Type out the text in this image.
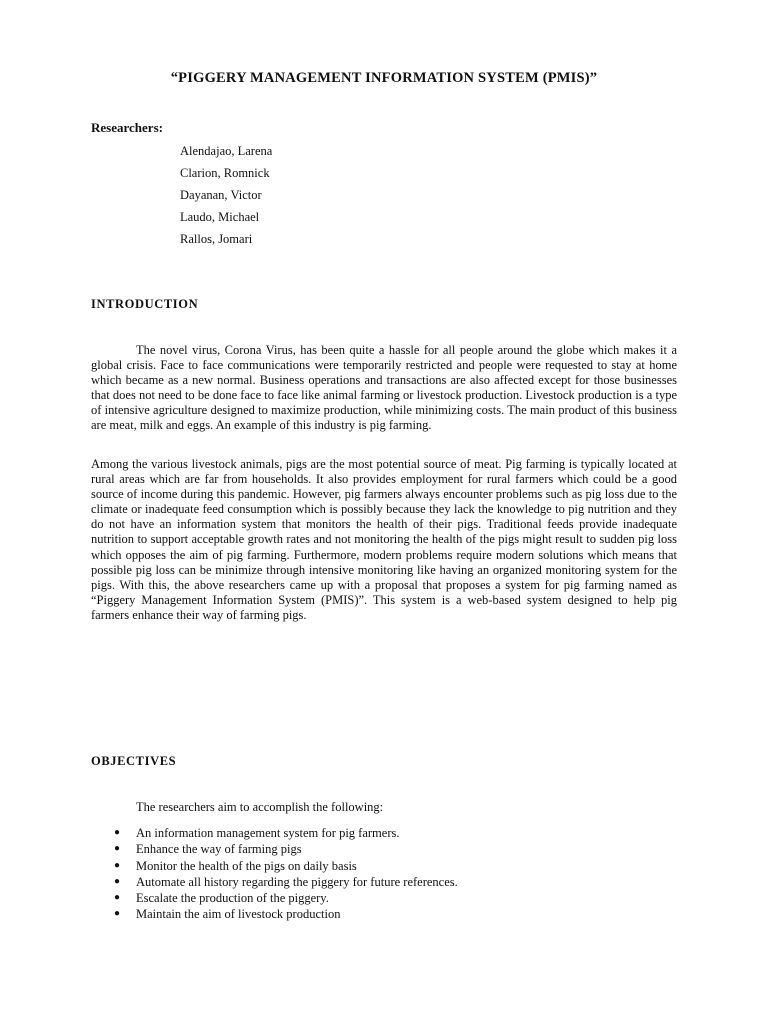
“PIGGERY MANAGEMENT INFORMATION SYSTEM (PMIS)”
Researchers:
Alendajao, Larena
Clarion, Romnick
Dayanan, Victor
Laudo, Michael
Rallos, Jomari
INTRODUCTION

The novel virus, Corona Virus, has been quite a hassle for all people around the globe which makes it a global crisis. Face to face communications were temporarily restricted and people were requested to stay at home which became as a new normal. Business operations and transactions are also affected except for those businesses that does not need to be done face to face like animal farming or livestock production. Livestock production is a type of intensive agriculture designed to maximize production, while minimizing costs. The main product of this business are meat, milk and eggs. An example of this industry is pig farming.

Among the various livestock animals, pigs are the most potential source of meat. Pig farming is typically located at rural areas which are far from households. It also provides employment for rural farmers which could be a good source of income during this pandemic. However, pig farmers always encounter problems such as pig loss due to the climate or inadequate feed consumption which is possibly because they lack the knowledge to pig nutrition and they do not have an information system that monitors the health of their pigs. Traditional feeds provide inadequate nutrition to support acceptable growth rates and not monitoring the health of the pigs might result to sudden pig loss which opposes the aim of pig farming. Furthermore, modern problems require modern solutions which means that possible pig loss can be minimize through intensive monitoring like having an organized monitoring system for the pigs. With this, the above researchers came up with a proposal that proposes a system for pig farming named as “Piggery Management Information System (PMIS)”. This system is a web-based system designed to help pig farmers enhance their way of farming pigs.

OBJECTIVES
The researchers aim to accomplish the following:
● An information management system for pig farmers.
● Enhance the way of farming pigs
● Monitor the health of the pigs on daily basis
● Automate all history regarding the piggery for future references.
● Escalate the production of the piggery.
● Maintain the aim of livestock production
